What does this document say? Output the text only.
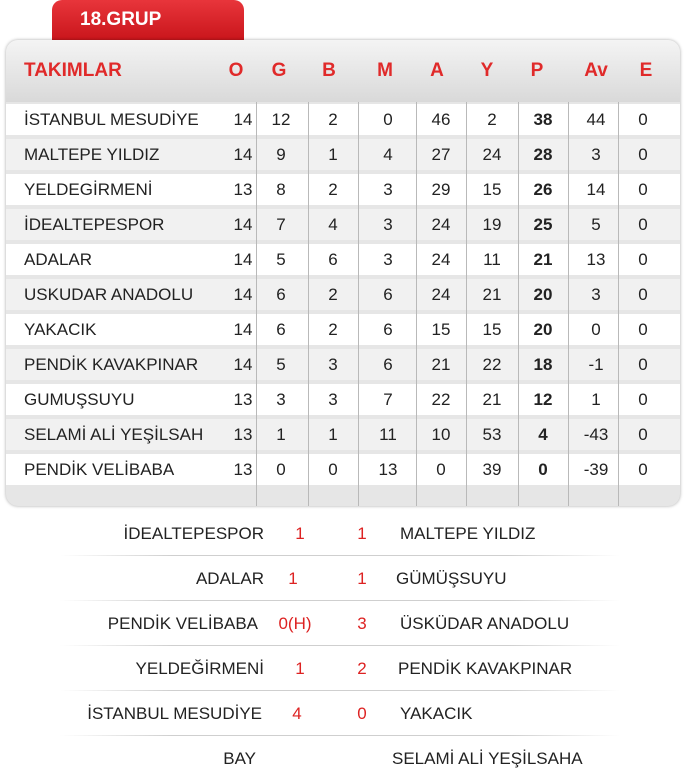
18.GRUP
TAKIMLAR	O	G	B	M	A	Y	P	Av	E
İSTANBUL MESUDİYE	14	12	2	0	46	2	38	44	0
MALTEPE YILDIZ	14	9	1	4	27	24	28	3	0
YELDEGİRMENİ	13	8	2	3	29	15	26	14	0
İDEALTEPESPOR	14	7	4	3	24	19	25	5	0
ADALAR	14	5	6	3	24	11	21	13	0
USKUDAR ANADOLU	14	6	2	6	24	21	20	3	0
YAKACIK	14	6	2	6	15	15	20	0	0
PENDİK KAVAKPINAR	14	5	3	6	21	22	18	-1	0
GUMUŞSUYU	13	3	3	7	22	21	12	1	0
SELAMİ ALİ YEŞİLSAH	13	1	1	11	10	53	4	-43	0
PENDİK VELİBABA	13	0	0	13	0	39	0	-39	0
İDEALTEPESPOR	1	1	MALTEPE YILDIZ
ADALAR	1	1	GÜMÜŞSUYU
PENDİK VELİBABA	0(H)	3	ÜSKÜDAR ANADOLU
YELDEĞİRMENİ	1	2	PENDİK KAVAKPINAR
İSTANBUL MESUDİYE	4	0	YAKACIK
BAY	SELAMİ ALİ YEŞİLSAHA
